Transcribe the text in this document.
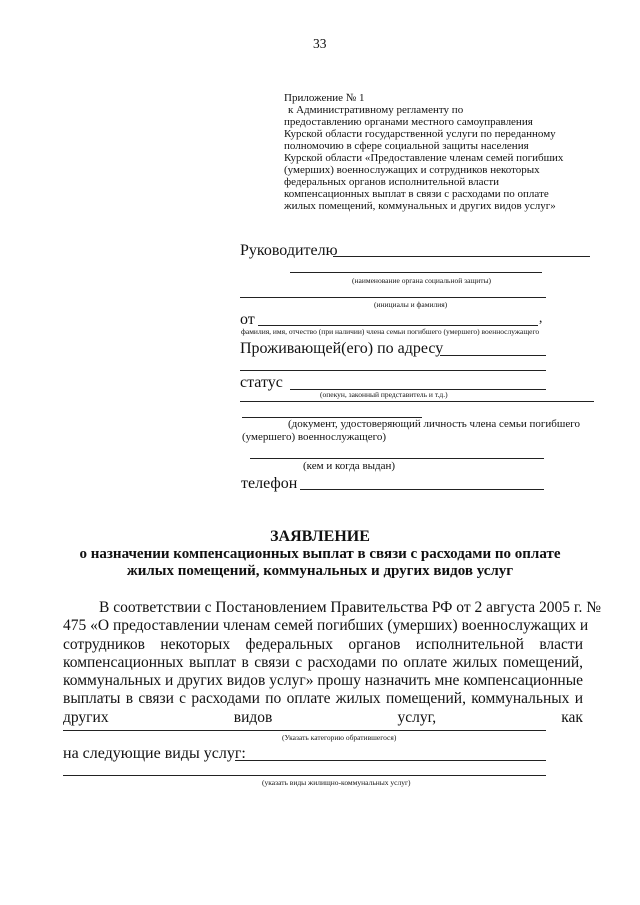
33
Приложение № 1
к Административному регламенту по
предоставлению органами местного самоуправления
Курской области государственной услуги по переданному
полномочию в сфере социальной защиты населения
Курской области «Предоставление членам семей погибших
(умерших) военнослужащих и сотрудников некоторых
федеральных органов исполнительной власти
компенсационных выплат в связи с расходами по оплате
жилых помещений, коммунальных и других видов услуг»
Руководителю
(наименование органа социальной защиты)
(инициалы и фамилия)
от	,
фамилия, имя, отчество (при наличии) члена семьи погибшего (умершего) военнослужащего
Проживающей(его) по адресу
статус
(опекун, законный представитель и т.д.)
(документ, удостоверяющий личность члена семьи погибшего
(умершего) военнослужащего)
(кем и когда выдан)
телефон
ЗАЯВЛЕНИЕ
о назначении компенсационных выплат в связи с расходами по оплате
жилых помещений, коммунальных и других видов услуг
В соответствии с Постановлением Правительства РФ от 2 августа 2005 г. №
475 «О предоставлении членам семей погибших (умерших) военнослужащих и
сотрудников некоторых федеральных органов исполнительной власти
компенсационных выплат в связи с расходами по оплате жилых помещений,
коммунальных и других видов услуг» прошу назначить мне компенсационные
выплаты в связи с расходами по оплате жилых помещений, коммунальных и
других	видов	услуг,	как
(Указать категорию обратившегося)
на следующие виды услуг:
(указать виды жилищно-коммунальных услуг)
